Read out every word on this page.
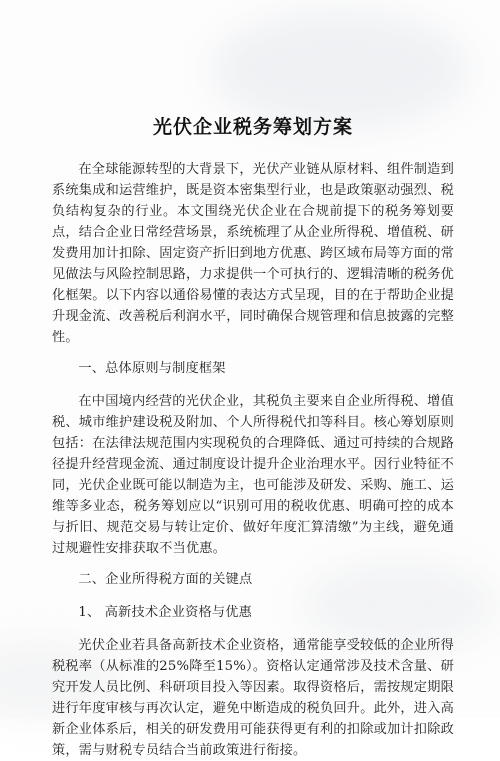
光伏企业税务筹划方案

在全球能源转型的大背景下，光伏产业链从原材料、组件制造到系统集成和运营维护，既是资本密集型行业，也是政策驱动强烈、税负结构复杂的行业。本文围绕光伏企业在合规前提下的税务筹划要点，结合企业日常经营场景，系统梳理了从企业所得税、增值税、研发费用加计扣除、固定资产折旧到地方优惠、跨区域布局等方面的常见做法与风险控制思路，力求提供一个可执行的、逻辑清晰的税务优化框架。以下内容以通俗易懂的表达方式呈现，目的在于帮助企业提升现金流、改善税后利润水平，同时确保合规管理和信息披露的完整性。

一、总体原则与制度框架

在中国境内经营的光伏企业，其税负主要来自企业所得税、增值税、城市维护建设税及附加、个人所得税代扣等科目。核心筹划原则包括：在法律法规范围内实现税负的合理降低、通过可持续的合规路径提升经营现金流、通过制度设计提升企业治理水平。因行业特征不同，光伏企业既可能以制造为主，也可能涉及研发、采购、施工、运维等多业态，税务筹划应以“识别可用的税收优惠、明确可控的成本与折旧、规范交易与转让定价、做好年度汇算清缴”为主线，避免通过规避性安排获取不当优惠。

二、企业所得税方面的关键点

1、 高新技术企业资格与优惠

光伏企业若具备高新技术企业资格，通常能享受较低的企业所得税税率（从标准的25%降至15%）。资格认定通常涉及技术含量、研究开发人员比例、科研项目投入等因素。取得资格后，需按规定期限进行年度审核与再次认定，避免中断造成的税负回升。此外，进入高新企业体系后，相关的研发费用可能获得更有利的扣除或加计扣除政策，需与财税专员结合当前政策进行衔接。
